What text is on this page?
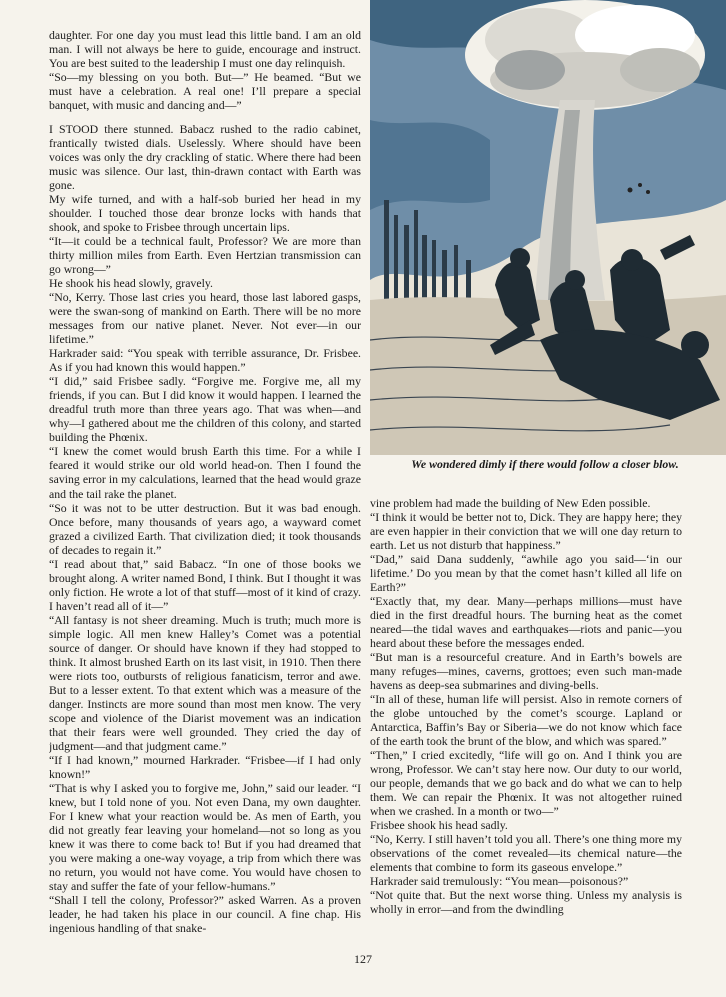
daughter. For one day you must lead this little band. I am an old man. I will not always be here to guide, encourage and instruct. You are best suited to the leadership I must one day relinquish.

“So—my blessing on you both. But—” He beamed. “But we must have a celebration. A real one! I’ll prepare a special banquet, with music and dancing and—”

I STOOD there stunned. Babacz rushed to the radio cabinet, frantically twisted dials. Uselessly. Where should have been voices was only the dry crackling of static. Where there had been music was silence. Our last, thin-drawn contact with Earth was gone.

My wife turned, and with a half-sob buried her head in my shoulder. I touched those dear bronze locks with hands that shook, and spoke to Frisbee through uncertain lips.

“It—it could be a technical fault, Professor? We are more than thirty million miles from Earth. Even Hertzian transmission can go wrong—”

He shook his head slowly, gravely.

“No, Kerry. Those last cries you heard, those last labored gasps, were the swan-song of mankind on Earth. There will be no more messages from our native planet. Never. Not ever—in our lifetime.”

Harkrader said: “You speak with terrible assurance, Dr. Frisbee. As if you had known this would happen.”

“I did,” said Frisbee sadly. “Forgive me. Forgive me, all my friends, if you can. But I did know it would happen. I learned the dreadful truth more than three years ago. That was when—and why—I gathered about me the children of this colony, and started building the Phœnix.

“I knew the comet would brush Earth this time. For a while I feared it would strike our old world head-on. Then I found the saving error in my calculations, learned that the head would graze and the tail rake the planet.

“So it was not to be utter destruction. But it was bad enough. Once before, many thousands of years ago, a wayward comet grazed a civilized Earth. That civilization died; it took thousands of decades to regain it.”

“I read about that,” said Babacz. “In one of those books we brought along. A writer named Bond, I think. But I thought it was only fiction. He wrote a lot of that stuff—most of it kind of crazy. I haven’t read all of it—”

“All fantasy is not sheer dreaming. Much is truth; much more is simple logic. All men knew Halley’s Comet was a potential source of danger. Or should have known if they had stopped to think. It almost brushed Earth on its last visit, in 1910. Then there were riots too, outbursts of religious fanaticism, terror and awe. But to a lesser extent. To that extent which was a measure of the danger. Instincts are more sound than most men know. The very scope and violence of the Diarist movement was an indication that their fears were well grounded. They cried the day of judgment—and that judgment came.”

“If I had known,” mourned Harkrader. “Frisbee—if I had only known!”

“That is why I asked you to forgive me, John,” said our leader. “I knew, but I told none of you. Not even Dana, my own daughter. For I knew what your reaction would be. As men of Earth, you did not greatly fear leaving your homeland—not so long as you knew it was there to come back to! But if you had dreamed that you were making a one-way voyage, a trip from which there was no return, you would not have come. You would have chosen to stay and suffer the fate of your fellow-humans.”

“Shall I tell the colony, Professor?” asked Warren. As a proven leader, he had taken his place in our council. A fine chap. His ingenious handling of that snake-

We wondered dimly if there would follow a closer blow.

vine problem had made the building of New Eden possible.

“I think it would be better not to, Dick. They are happy here; they are even happier in their conviction that we will one day return to earth. Let us not disturb that happiness.”

“Dad,” said Dana suddenly, “awhile ago you said—‘in our lifetime.’ Do you mean by that the comet hasn’t killed all life on Earth?”

“Exactly that, my dear. Many—perhaps millions—must have died in the first dreadful hours. The burning heat as the comet neared—the tidal waves and earthquakes—riots and panic—you heard about these before the messages ended.

“But man is a resourceful creature. And in Earth’s bowels are many refuges—mines, caverns, grottoes; even such man-made havens as deep-sea submarines and diving-bells.

“In all of these, human life will persist. Also in remote corners of the globe untouched by the comet’s scourge. Lapland or Antarctica, Baffin’s Bay or Siberia—we do not know which face of the earth took the brunt of the blow, and which was spared.”

“Then,” I cried excitedly, “life will go on. And I think you are wrong, Professor. We can’t stay here now. Our duty to our world, our people, demands that we go back and do what we can to help them. We can repair the Phœnix. It was not altogether ruined when we crashed. In a month or two—”

Frisbee shook his head sadly.

“No, Kerry. I still haven’t told you all. There’s one thing more my observations of the comet revealed—its chemical nature—the elements that combine to form its gaseous envelope.”

Harkrader said tremulously: “You mean—poisonous?”

“Not quite that. But the next worse thing. Unless my analysis is wholly in error—and from the dwindling

127
